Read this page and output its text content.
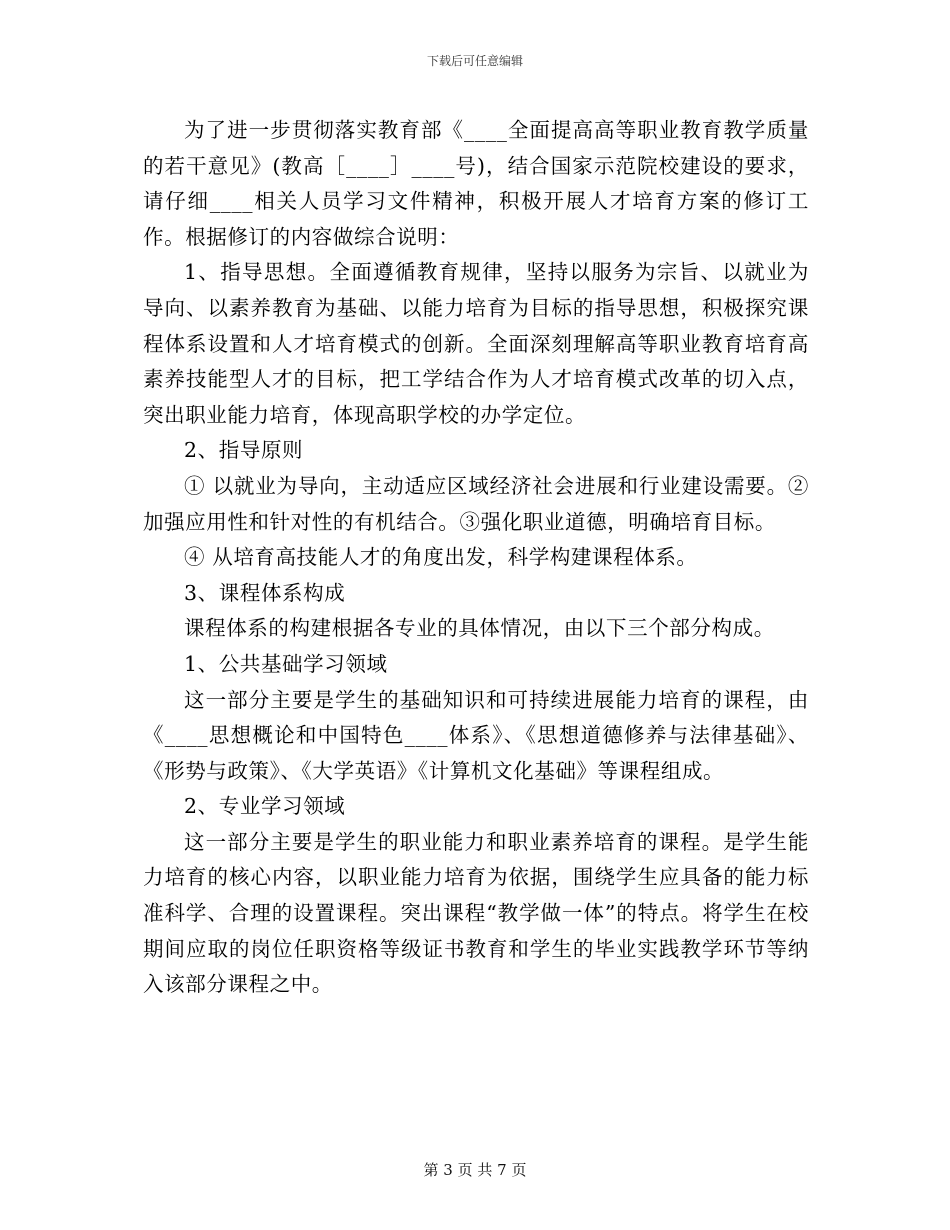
下载后可任意编辑

为了进一步贯彻落实教育部《____全面提高高等职业教育教学质量的若干意见》(教高［____］____号)，结合国家示范院校建设的要求，请仔细____相关人员学习文件精神，积极开展人才培育方案的修订工作。根据修订的内容做综合说明：

1、指导思想。全面遵循教育规律，坚持以服务为宗旨、以就业为导向、以素养教育为基础、以能力培育为目标的指导思想，积极探究课程体系设置和人才培育模式的创新。全面深刻理解高等职业教育培育高素养技能型人才的目标，把工学结合作为人才培育模式改革的切入点，突出职业能力培育，体现高职学校的办学定位。

2、指导原则

① 以就业为导向，主动适应区域经济社会进展和行业建设需要。②加强应用性和针对性的有机结合。③强化职业道德，明确培育目标。

④ 从培育高技能人才的角度出发，科学构建课程体系。

3、课程体系构成

课程体系的构建根据各专业的具体情况，由以下三个部分构成。

1、公共基础学习领域

这一部分主要是学生的基础知识和可持续进展能力培育的课程，由《____思想概论和中国特色____体系》、《思想道德修养与法律基础》、《形势与政策》、《大学英语》《计算机文化基础》等课程组成。

2、专业学习领域

这一部分主要是学生的职业能力和职业素养培育的课程。是学生能力培育的核心内容，以职业能力培育为依据，围绕学生应具备的能力标准科学、合理的设置课程。突出课程“教学做一体”的特点。将学生在校期间应取的岗位任职资格等级证书教育和学生的毕业实践教学环节等纳入该部分课程之中。

第 3 页 共 7 页
